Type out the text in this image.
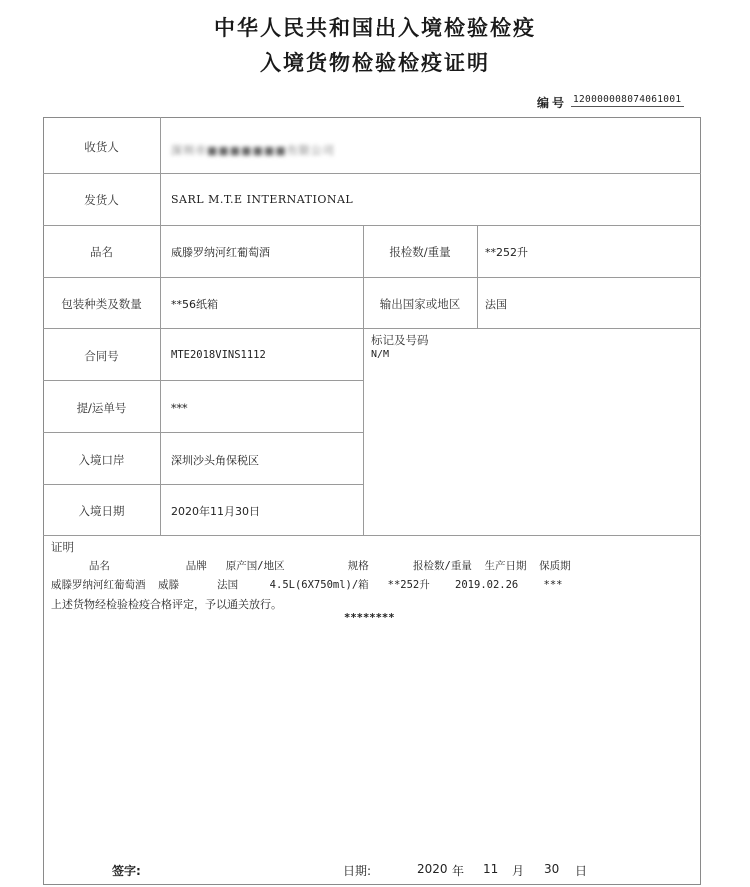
中华人民共和国出入境检验检疫
入境货物检验检疫证明
编号 120000008074061001
收货人	深圳市■■■■■■■有限公司
发货人	SARL M.T.E INTERNATIONAL
品名	威滕罗纳河红葡萄酒	报检数/重量	**252升
包装种类及数量	**56纸箱	输出国家或地区	法国
合同号	MTE2018VINS1112
标记及号码
N/M
提/运单号	***
入境口岸	深圳沙头角保税区
入境日期	2020年11月30日
证明
品名            品牌   原产国/地区          规格       报检数/重量  生产日期  保质期
威滕罗纳河红葡萄酒  威滕      法国     4.5L(6X750ml)/箱   **252升    2019.02.26    ***
上述货物经检验检疫合格评定，予以通关放行。
********
签字:	日期:	2020 年 11 月 30 日
